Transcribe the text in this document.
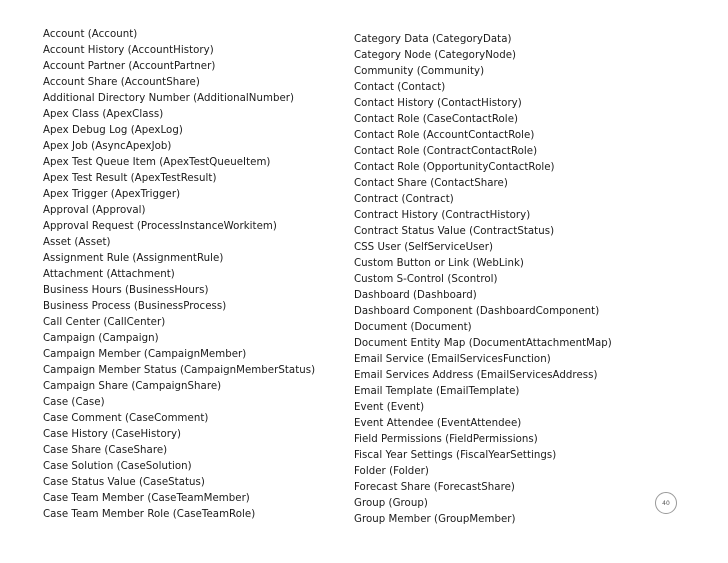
Account (Account)
Account History (AccountHistory)
Account Partner (AccountPartner)
Account Share (AccountShare)
Additional Directory Number (AdditionalNumber)
Apex Class (ApexClass)
Apex Debug Log (ApexLog)
Apex Job (AsyncApexJob)
Apex Test Queue Item (ApexTestQueueItem)
Apex Test Result (ApexTestResult)
Apex Trigger (ApexTrigger)
Approval (Approval)
Approval Request (ProcessInstanceWorkitem)
Asset (Asset)
Assignment Rule (AssignmentRule)
Attachment (Attachment)
Business Hours (BusinessHours)
Business Process (BusinessProcess)
Call Center (CallCenter)
Campaign (Campaign)
Campaign Member (CampaignMember)
Campaign Member Status (CampaignMemberStatus)
Campaign Share (CampaignShare)
Case (Case)
Case Comment (CaseComment)
Case History (CaseHistory)
Case Share (CaseShare)
Case Solution (CaseSolution)
Case Status Value (CaseStatus)
Case Team Member (CaseTeamMember)
Case Team Member Role (CaseTeamRole)
Category Data (CategoryData)
Category Node (CategoryNode)
Community (Community)
Contact (Contact)
Contact History (ContactHistory)
Contact Role (CaseContactRole)
Contact Role (AccountContactRole)
Contact Role (ContractContactRole)
Contact Role (OpportunityContactRole)
Contact Share (ContactShare)
Contract (Contract)
Contract History (ContractHistory)
Contract Status Value (ContractStatus)
CSS User (SelfServiceUser)
Custom Button or Link (WebLink)
Custom S-Control (Scontrol)
Dashboard (Dashboard)
Dashboard Component (DashboardComponent)
Document (Document)
Document Entity Map (DocumentAttachmentMap)
Email Service (EmailServicesFunction)
Email Services Address (EmailServicesAddress)
Email Template (EmailTemplate)
Event (Event)
Event Attendee (EventAttendee)
Field Permissions (FieldPermissions)
Fiscal Year Settings (FiscalYearSettings)
Folder (Folder)
Forecast Share (ForecastShare)
Group (Group)
Group Member (GroupMember)
40
